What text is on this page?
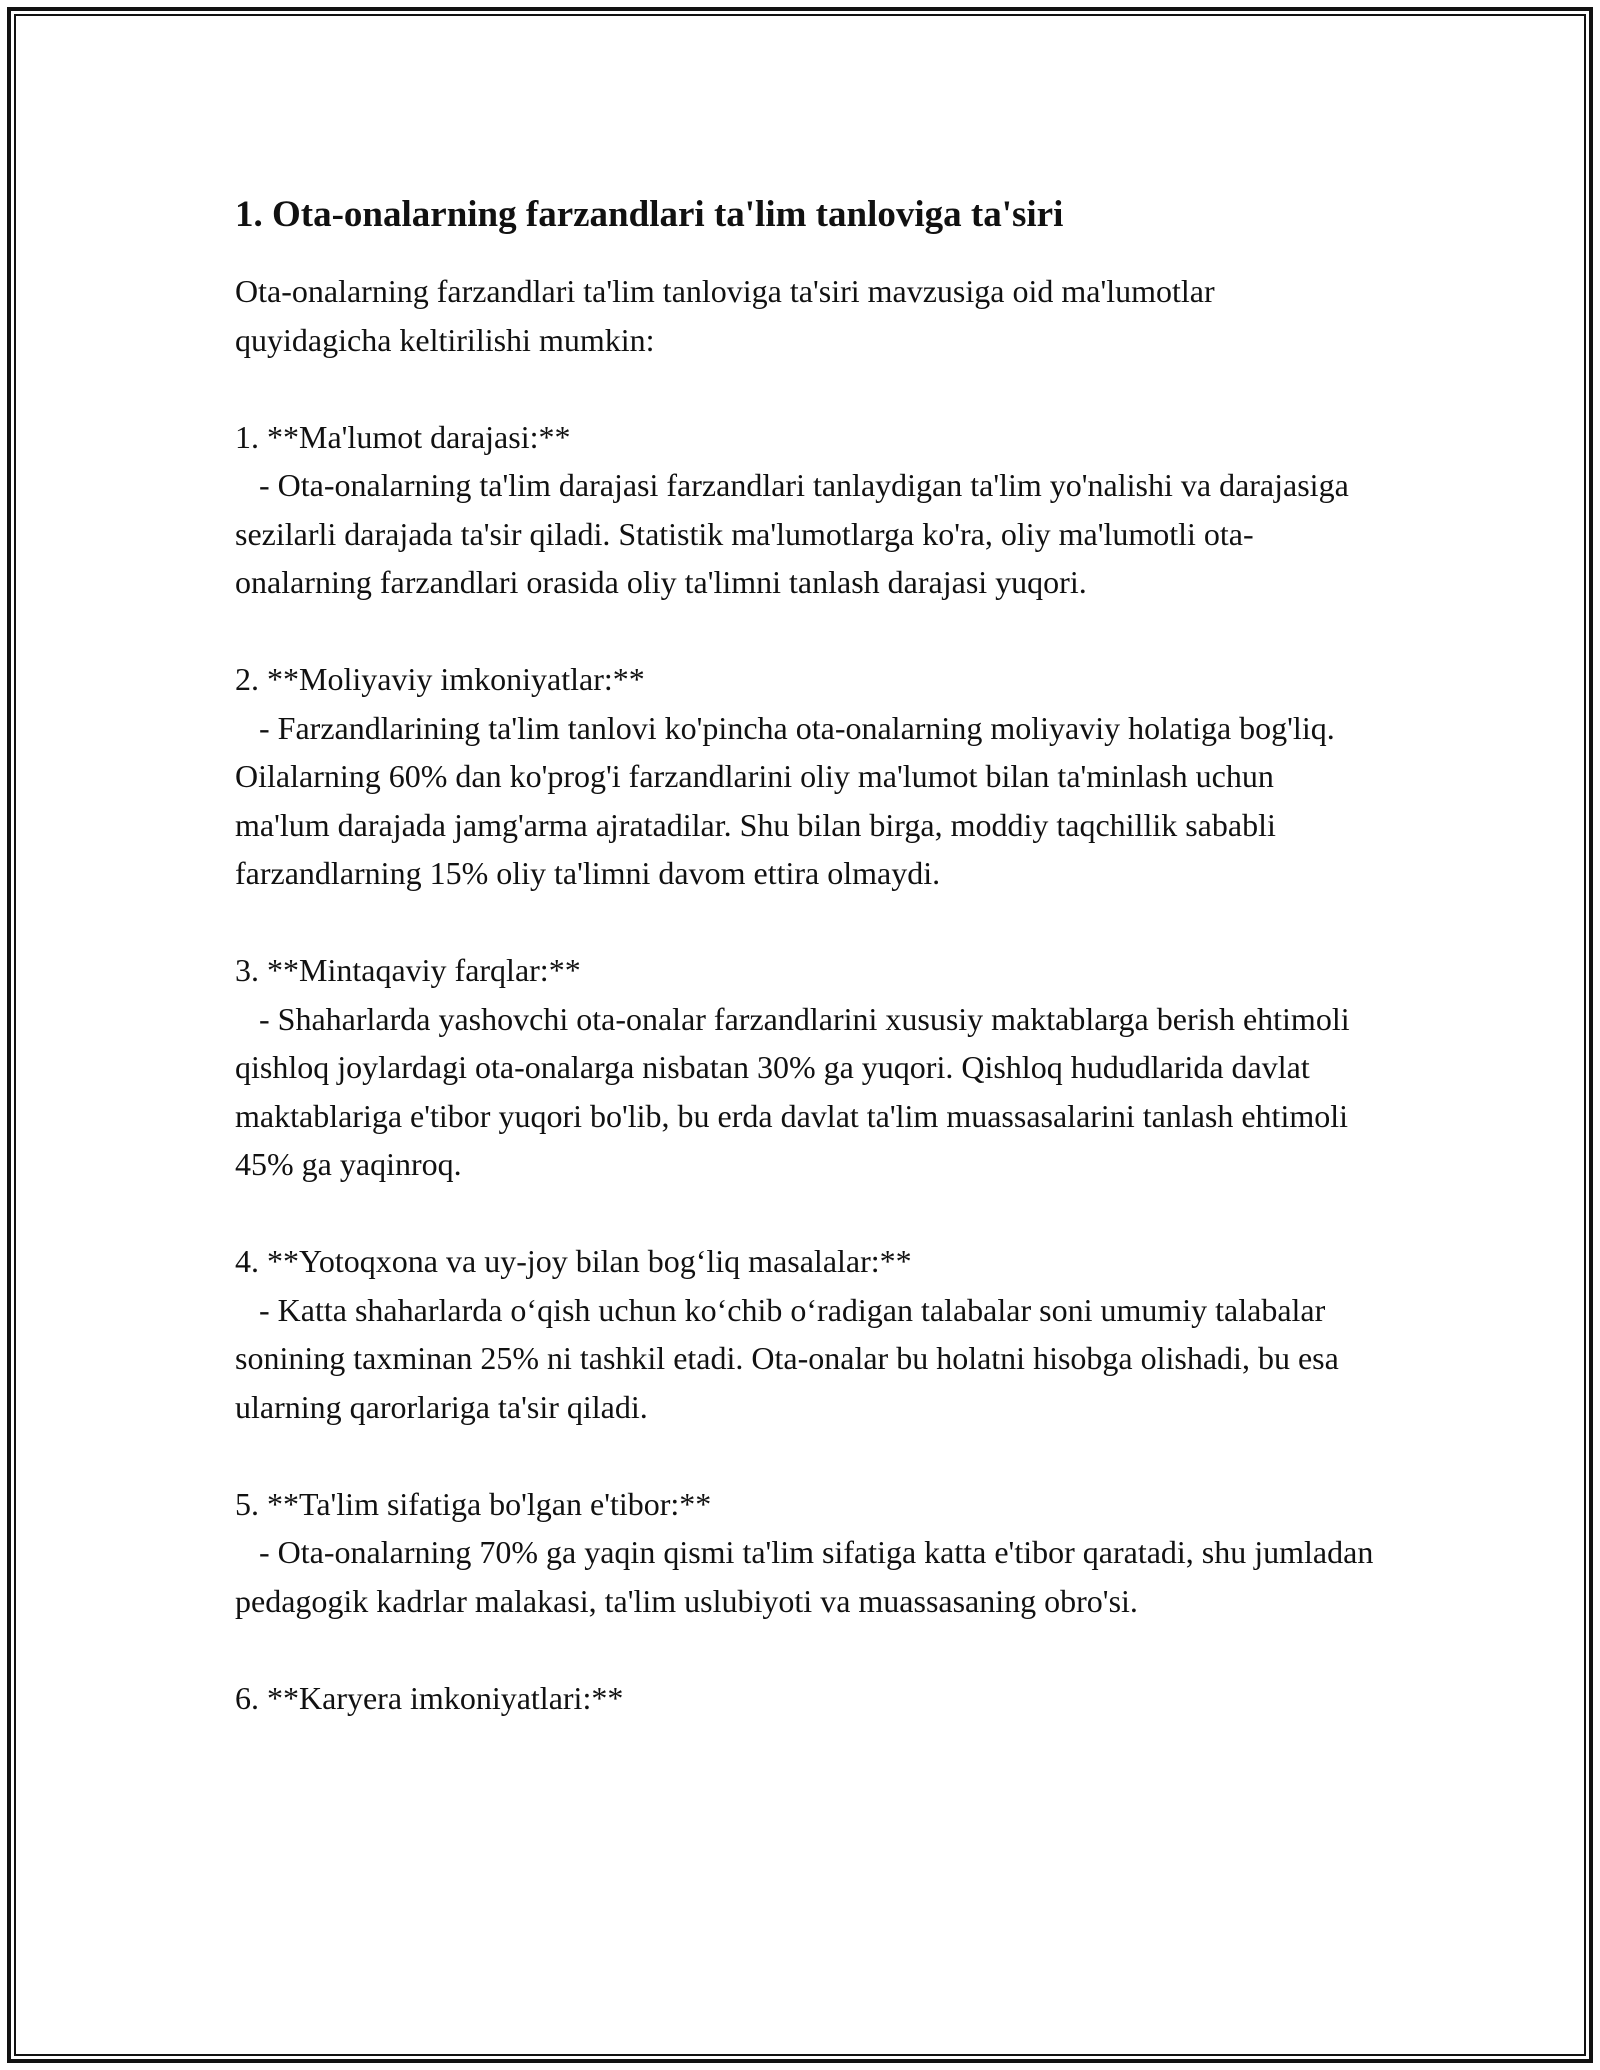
1. Ota-onalarning farzandlari ta'lim tanloviga ta'siri

Ota-onalarning farzandlari ta'lim tanloviga ta'siri mavzusiga oid ma'lumotlar quyidagicha keltirilishi mumkin:

1. **Ma'lumot darajasi:**

- Ota-onalarning ta'lim darajasi farzandlari tanlaydigan ta'lim yo'nalishi va darajasiga sezilarli darajada ta'sir qiladi. Statistik ma'lumotlarga ko'ra, oliy ma'lumotli ota-onalarning farzandlari orasida oliy ta'limni tanlash darajasi yuqori.

2. **Moliyaviy imkoniyatlar:**

- Farzandlarining ta'lim tanlovi ko'pincha ota-onalarning moliyaviy holatiga bog'liq. Oilalarning 60% dan ko'prog'i farzandlarini oliy ma'lumot bilan ta'minlash uchun ma'lum darajada jamg'arma ajratadilar. Shu bilan birga, moddiy taqchillik sababli farzandlarning 15% oliy ta'limni davom ettira olmaydi.

3. **Mintaqaviy farqlar:**

- Shaharlarda yashovchi ota-onalar farzandlarini xususiy maktablarga berish ehtimoli qishloq joylardagi ota-onalarga nisbatan 30% ga yuqori. Qishloq hududlarida davlat maktablariga e'tibor yuqori bo'lib, bu erda davlat ta'lim muassasalarini tanlash ehtimoli 45% ga yaqinroq.

4. **Yotoqxona va uy-joy bilan bog‘liq masalalar:**

- Katta shaharlarda o‘qish uchun ko‘chib o‘radigan talabalar soni umumiy talabalar sonining taxminan 25% ni tashkil etadi. Ota-onalar bu holatni hisobga olishadi, bu esa ularning qarorlariga ta'sir qiladi.

5. **Ta'lim sifatiga bo'lgan e'tibor:**

- Ota-onalarning 70% ga yaqin qismi ta'lim sifatiga katta e'tibor qaratadi, shu jumladan pedagogik kadrlar malakasi, ta'lim uslubiyoti va muassasaning obro'si.

6. **Karyera imkoniyatlari:**
